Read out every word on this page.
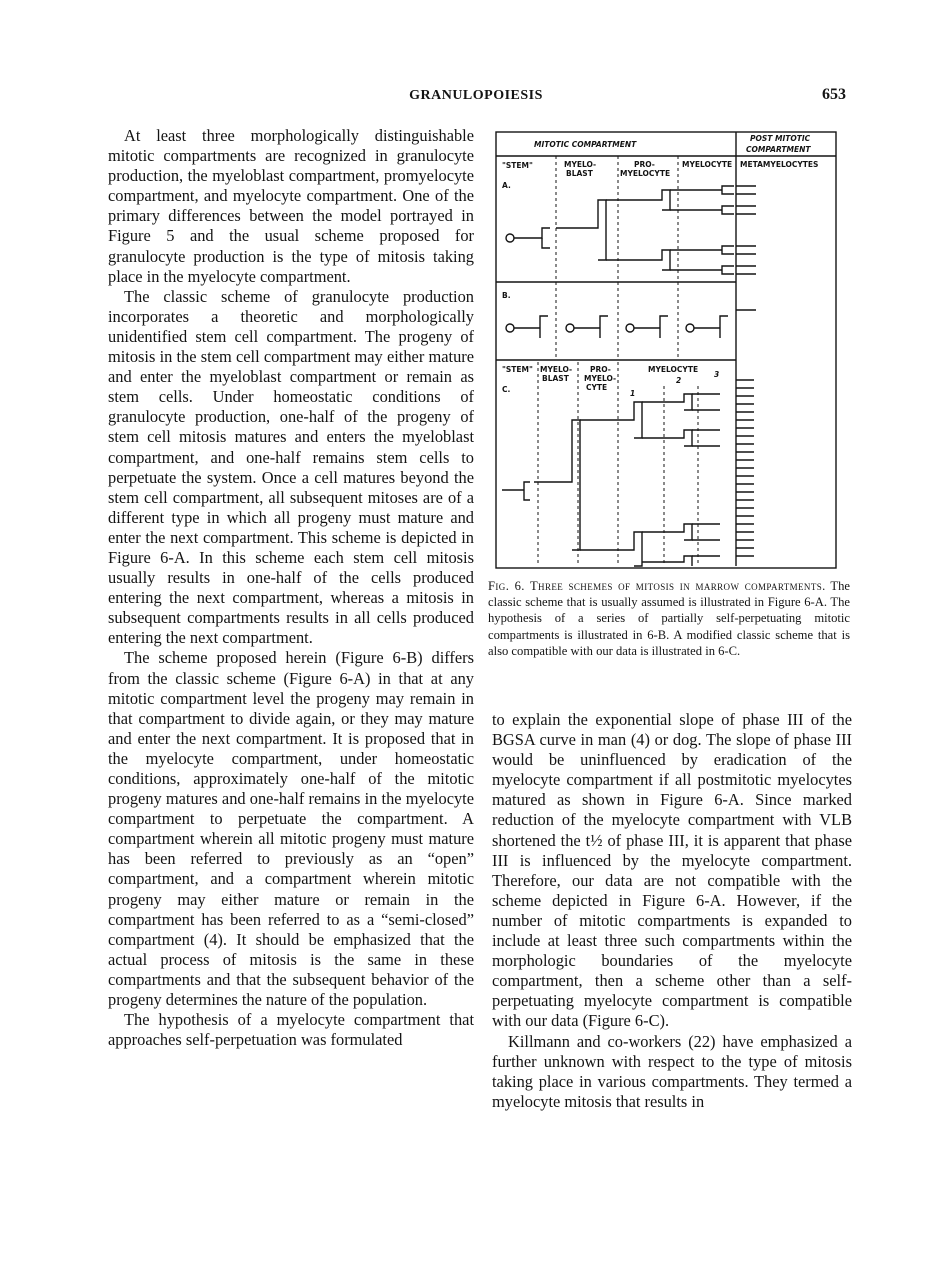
GRANULOPOIESIS	653

At least three morphologically distinguishable mitotic compartments are recognized in granulocyte production, the myeloblast compartment, promyelocyte compartment, and myelocyte compartment. One of the primary differences between the model portrayed in Figure 5 and the usual scheme proposed for granulocyte production is the type of mitosis taking place in the myelocyte compartment.

The classic scheme of granulocyte production incorporates a theoretic and morphologically unidentified stem cell compartment. The progeny of mitosis in the stem cell compartment may either mature and enter the myeloblast compartment or remain as stem cells. Under homeostatic conditions of granulocyte production, one-half of the progeny of stem cell mitosis matures and enters the myeloblast compartment, and one-half remains stem cells to perpetuate the system. Once a cell matures beyond the stem cell compartment, all subsequent mitoses are of a different type in which all progeny must mature and enter the next compartment. This scheme is depicted in Figure 6-A. In this scheme each stem cell mitosis usually results in one-half of the cells produced entering the next compartment, whereas a mitosis in subsequent compartments results in all cells produced entering the next compartment.

The scheme proposed herein (Figure 6-B) differs from the classic scheme (Figure 6-A) in that at any mitotic compartment level the progeny may remain in that compartment to divide again, or they may mature and enter the next compartment. It is proposed that in the myelocyte compartment, under homeostatic conditions, approximately one-half of the mitotic progeny matures and one-half remains in the myelocyte compartment to perpetuate the compartment. A compartment wherein all mitotic progeny must mature has been referred to previously as an “open” compartment, and a compartment wherein mitotic progeny may either mature or remain in the compartment has been referred to as a “semi-closed” compartment (4). It should be emphasized that the actual process of mitosis is the same in these compartments and that the subsequent behavior of the progeny determines the nature of the population.

The hypothesis of a myelocyte compartment that approaches self-perpetuation was formulated

MITOTIC COMPARTMENT
POST MITOTIC
COMPARTMENT
"STEM"	MYELO-
BLAST
PRO-
MYELOCYTE
MYELOCYTE METAMYELOCYTES
A.
B.
"STEM"
C.
MYELO-
BLAST
PRO-
MYELO-
CYTE
MYELOCYTE
1
2
3
Fig. 6. Three schemes of mitosis in marrow compartments. The classic scheme that is usually assumed is illustrated in Figure 6-A. The hypothesis of a series of partially self-perpetuating mitotic compartments is illustrated in 6-B. A modified classic scheme that is also compatible with our data is illustrated in 6-C.

to explain the exponential slope of phase III of the BGSA curve in man (4) or dog. The slope of phase III would be uninfluenced by eradication of the myelocyte compartment if all postmitotic myelocytes matured as shown in Figure 6-A. Since marked reduction of the myelocyte compartment with VLB shortened the t½ of phase III, it is apparent that phase III is influenced by the myelocyte compartment. Therefore, our data are not compatible with the scheme depicted in Figure 6-A. However, if the number of mitotic compartments is expanded to include at least three such compartments within the morphologic boundaries of the myelocyte compartment, then a scheme other than a self-perpetuating myelocyte compartment is compatible with our data (Figure 6-C).

Killmann and co-workers (22) have emphasized a further unknown with respect to the type of mitosis taking place in various compartments. They termed a myelocyte mitosis that results in
